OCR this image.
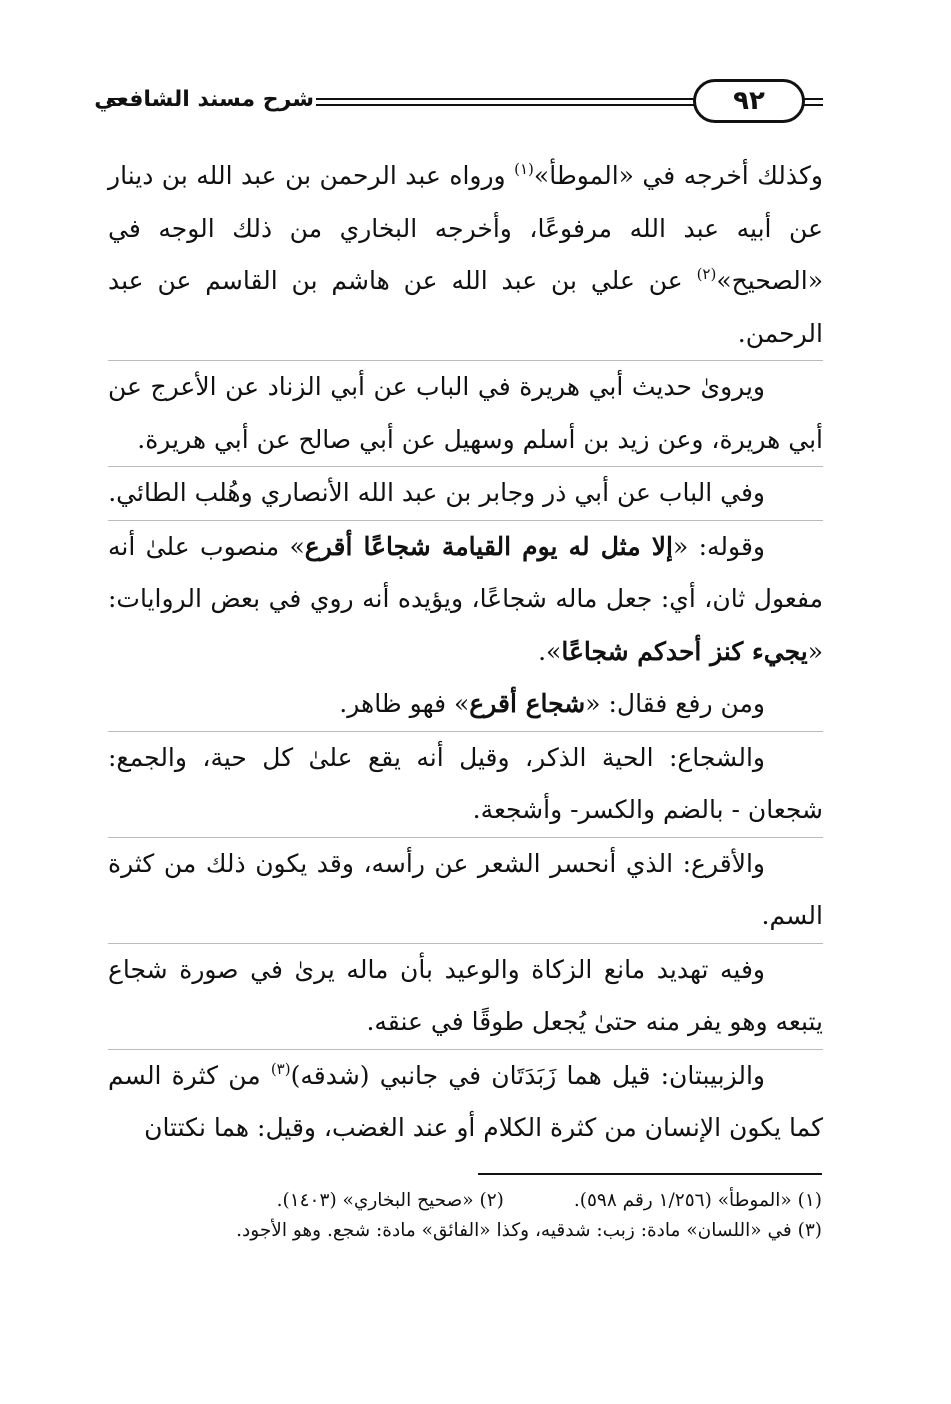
٩٢
شرح مسند الشافعي

وكذلك أخرجه في «الموطأ»$^{(١)}$ ورواه عبد الرحمن بن عبد الله بن دينار عن أبيه عبد الله مرفوعًا، وأخرجه البخاري من ذلك الوجه في «الصحيح»$^{(٢)}$ عن علي بن عبد الله عن هاشم بن القاسم عن عبد الرحمن.

ويرویٰ حديث أبي هريرة في الباب عن أبي الزناد عن الأعرج عن أبي هريرة، وعن زيد بن أسلم وسهيل عن أبي صالح عن أبي هريرة.

وفي الباب عن أبي ذر وجابر بن عبد الله الأنصاري وهُلب الطائي.

وقوله: «إلا مثل له يوم القيامة شجاعًا أقرع» منصوب علىٰ أنه مفعول ثان، أي: جعل ماله شجاعًا، ويؤيده أنه روي في بعض الروايات: «يجيء كنز أحدكم شجاعًا».

ومن رفع فقال: «شجاع أقرع» فهو ظاهر.

والشجاع: الحية الذكر، وقيل أنه يقع علىٰ كل حية، والجمع: شجعان - بالضم والكسر- وأشجعة.

والأقرع: الذي أنحسر الشعر عن رأسه، وقد يكون ذلك من كثرة السم.

وفيه تهديد مانع الزكاة والوعيد بأن ماله يرىٰ في صورة شجاع يتبعه وهو يفر منه حتىٰ يُجعل طوقًا في عنقه.

والزبيبتان: قيل هما زَبَدَتَان في جانبي (شدقه)$^{(٣)}$ من كثرة السم كما يكون الإنسان من كثرة الكلام أو عند الغضب، وقيل: هما نكتتان

(١) «الموطأ» (١/٢٥٦ رقم ٥٩٨).(٢) «صحيح البخاري» (١٤٠٣).
(٣) في «اللسان» مادة: زبب: شدقيه، وكذا «الفائق» مادة: شجع. وهو الأجود.
